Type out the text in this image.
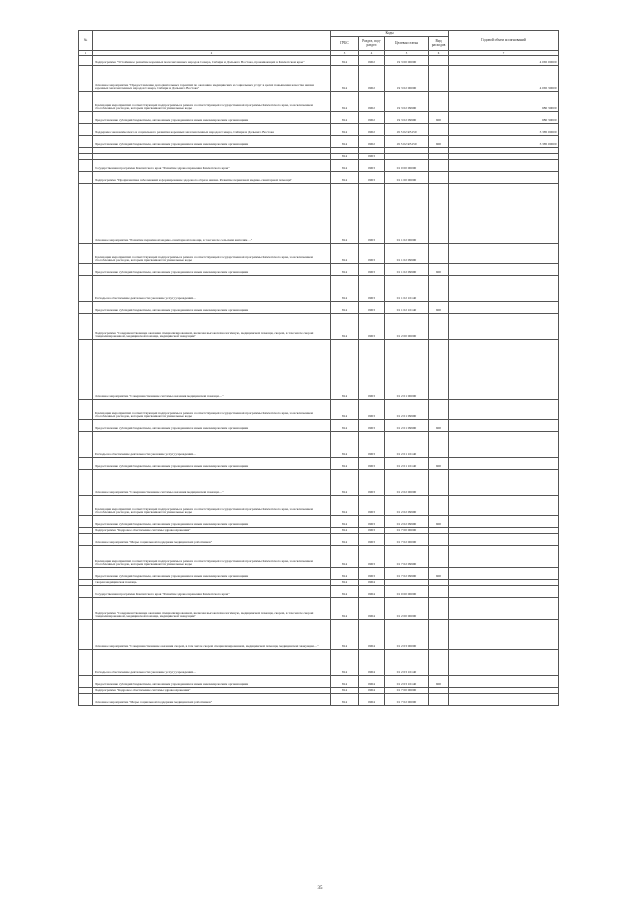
№		Коды				Годовой объем ассигнований
		ГРБС	Раздел, под-раздел	Целевая статья	Вид расходов	
1	2	3	4	5	6	7

	Подпрограмма "Устойчивое развитие коренных малочисленных народов Севера, Сибири и Дальнего Востока, проживающих в Камчатском крае"	814	0902	19 3 00 00000		4 065 00000

	Основное мероприятие "Предоставление дополнительных гарантий по оказанию медицинских и социальных услуг в целях повышения качества жизни коренных малочисленных народов Севера, Сибири и Дальнего Востока"	814	0902	19 3 02 00000		4 065 30000

	Реализация мероприятий соответствующей подпрограммы в рамках соответствующей государственной программы Камчатского края, за исключением обособленных расходов, которым присваиваются уникальные коды	814	0902	19 3 02 09990		680 30000

	Предоставление субсидий бюджетным, автономным учреждениям и иным некоммерческим организациям	814	0902	19 3 02 09990	600	680 30000

	Поддержка экономического и социального развития коренных малочисленных народов Севера, Сибири и Дальнего Востока	814	0902	19 3 02 R5150		3 385 00000

	Предоставление субсидий бюджетным, автономным учреждениям и иным некоммерческим организациям	814	0902	19 3 02 R5150	600	3 385 00000

	814	0903			

	Государственная программа Камчатского края "Развитие здравоохранения Камчатского края"	814	0903	01 0 00 00000		

	Подпрограмма "Профилактика заболеваний и формирование здорового образа жизни. Развитие первичной медико-санитарной помощи"	814	0903	01 1 00 00000		

	Основное мероприятие "Развитие первичной медико-санитарной помощи, в том числе сельским жителям…"	814	0903	01 1 02 00000		

	Реализация мероприятий соответствующей подпрограммы в рамках соответствующей государственной программы Камчатского края, за исключением обособленных расходов, которым присваиваются уникальные коды	814	0903	01 1 02 09990		

	Предоставление субсидий бюджетным, автономным учреждениям и иным некоммерческим организациям	814	0903	01 1 02 09990	600	

	Расходы на обеспечение деятельности (оказание услуг) учреждений…	814	0903	01 1 02 10140		

	Предоставление субсидий бюджетным, автономным учреждениям и иным некоммерческим организациям	814	0903	01 1 02 10140	600	

	Подпрограмма "Совершенствование оказания специализированной, включая высокотехнологичную, медицинской помощи, скорой, в том числе скорой специализированной, медицинской помощи, медицинской эвакуации"	814	0903	01 2 00 00000		

	Основное мероприятие "Совершенствование системы оказания медицинской помощи…"	814	0903	01 2 01 00000		

	Реализация мероприятий соответствующей подпрограммы в рамках соответствующей государственной программы Камчатского края, за исключением обособленных расходов, которым присваиваются уникальные коды	814	0903	01 2 01 09990		

	Предоставление субсидий бюджетным, автономным учреждениям и иным некоммерческим организациям	814	0903	01 2 01 09990	600	

	Расходы на обеспечение деятельности (оказание услуг) учреждений…	814	0903	01 2 01 10140		

	Предоставление субсидий бюджетным, автономным учреждениям и иным некоммерческим организациям	814	0903	01 2 01 10140	600	

	Основное мероприятие "Совершенствование системы оказания медицинской помощи…"	814	0903	01 2 02 00000		

	Реализация мероприятий соответствующей подпрограммы в рамках соответствующей государственной программы Камчатского края, за исключением обособленных расходов, которым присваиваются уникальные коды	814	0903	01 2 02 09990		

	Предоставление субсидий бюджетным, автономным учреждениям и иным некоммерческим организациям	814	0903	01 2 02 09990	600	

	Подпрограмма "Кадровое обеспечение системы здравоохранения"	814	0903	01 7 00 00000		

	Основное мероприятие "Меры социальной поддержки медицинских работников"	814	0903	01 7 02 00000		

	Реализация мероприятий соответствующей подпрограммы в рамках соответствующей государственной программы Камчатского края, за исключением обособленных расходов, которым присваиваются уникальные коды	814	0903	01 7 02 09990		

	Предоставление субсидий бюджетным, автономным учреждениям и иным некоммерческим организациям	814	0903	01 7 02 09990	600	

	Скорая медицинская помощь	814	0904			

	Государственная программа Камчатского края "Развитие здравоохранения Камчатского края"	814	0904	01 0 00 00000		

	Подпрограмма "Совершенствование оказания специализированной, включая высокотехнологичную, медицинской помощи, скорой, в том числе скорой специализированной, медицинской помощи, медицинской эвакуации"	814	0904	01 2 00 00000		

	Основное мероприятие "Совершенствование оказания скорой, в том числе скорой специализированной, медицинской помощи, медицинской эвакуации…"	814	0904	01 2 03 00000		

	Расходы на обеспечение деятельности (оказание услуг) учреждений…	814	0904	01 2 03 10140		

	Предоставление субсидий бюджетным, автономным учреждениям и иным некоммерческим организациям	814	0904	01 2 03 10140	600	

	Подпрограмма "Кадровое обеспечение системы здравоохранения"	814	0904	01 7 00 00000		

	Основное мероприятие "Меры социальной поддержки медицинских работников"	814	0904	01 7 02 00000		
35
